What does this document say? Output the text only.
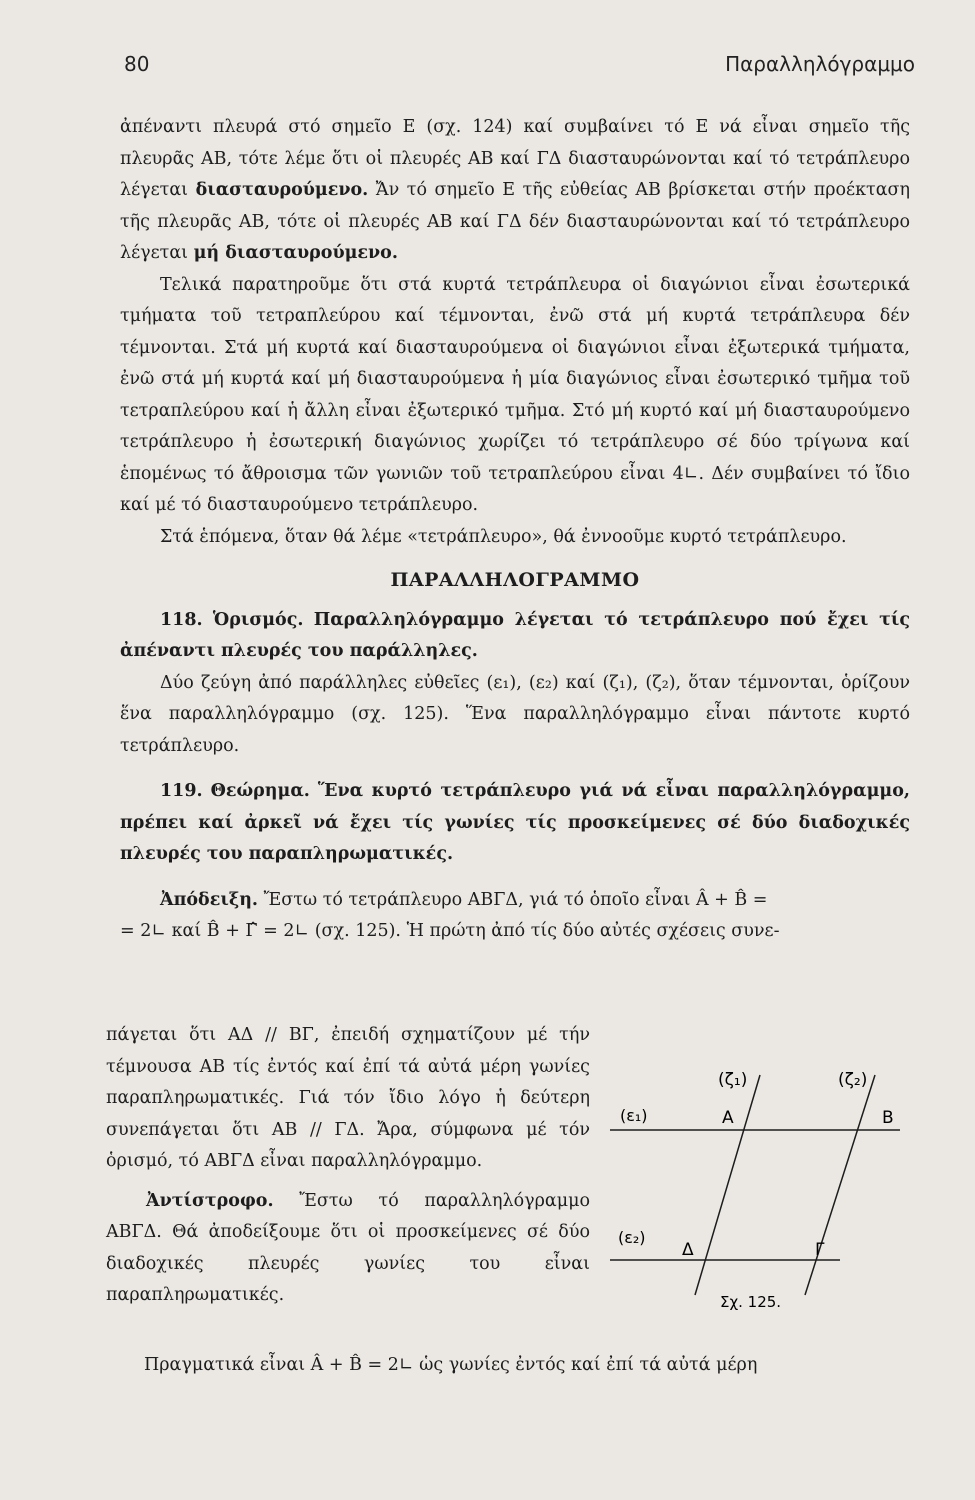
80	Παραλληλόγραμμο

ἀπέναντι πλευρά στό σημεῖο Ε (σχ. 124) καί συμβαίνει τό Ε νά εἶναι σημεῖο τῆς πλευρᾶς ΑΒ, τότε λέμε ὅτι οἱ πλευρές ΑΒ καί ΓΔ διασταυρώνονται καί τό τετράπλευρο λέγεται διασταυρούμενο. Ἄν τό σημεῖο Ε τῆς εὐθείας ΑΒ βρίσκεται στήν προέκταση τῆς πλευρᾶς ΑΒ, τότε οἱ πλευρές ΑΒ καί ΓΔ δέν διασταυρώνονται καί τό τετράπλευρο λέγεται μή διασταυρούμενο.

Τελικά παρατηροῦμε ὅτι στά κυρτά τετράπλευρα οἱ διαγώνιοι εἶναι ἐσωτερικά τμήματα τοῦ τετραπλεύρου καί τέμνονται, ἐνῶ στά μή κυρτά τετράπλευρα δέν τέμνονται. Στά μή κυρτά καί διασταυρούμενα οἱ διαγώνιοι εἶναι ἐξωτερικά τμήματα, ἐνῶ στά μή κυρτά καί μή διασταυρούμενα ἡ μία διαγώνιος εἶναι ἐσωτερικό τμῆμα τοῦ τετραπλεύρου καί ἡ ἄλλη εἶναι ἐξωτερικό τμῆμα. Στό μή κυρτό καί μή διασταυρούμενο τετράπλευρο ἡ ἐσωτερική διαγώνιος χωρίζει τό τετράπλευρο σέ δύο τρίγωνα καί ἑπομένως τό ἄθροισμα τῶν γωνιῶν τοῦ τετραπλεύρου εἶναι 4∟. Δέν συμβαίνει τό ἴδιο καί μέ τό διασταυρούμενο τετράπλευρο.

Στά ἑπόμενα, ὅταν θά λέμε «τετράπλευρο», θά ἐννοοῦμε κυρτό τετράπλευρο.

ΠΑΡΑΛΛΗΛΟΓΡΑΜΜΟ

118. Ὁρισμός. Παραλληλόγραμμο λέγεται τό τετράπλευρο πού ἔχει τίς ἀπέναντι πλευρές του παράλληλες.

Δύο ζεύγη ἀπό παράλληλες εὐθεῖες (ε₁), (ε₂) καί (ζ₁), (ζ₂), ὅταν τέμνονται, ὁρίζουν ἕνα παραλληλόγραμμο (σχ. 125). Ἕνα παραλληλόγραμμο εἶναι πάντοτε κυρτό τετράπλευρο.

119. Θεώρημα. Ἕνα κυρτό τετράπλευρο γιά νά εἶναι παραλληλόγραμμο, πρέπει καί ἀρκεῖ νά ἔχει τίς γωνίες τίς προσκείμενες σέ δύο διαδοχικές πλευρές του παραπληρωματικές.

Ἀπόδειξη. Ἔστω τό τετράπλευρο ΑΒΓΔ, γιά τό ὁποῖο εἶναι Â + B̂ =

= 2∟ καί B̂ + Γ̂ = 2∟ (σχ. 125). Ἡ πρώτη ἀπό τίς δύο αὐτές σχέσεις συνε-

πάγεται ὅτι ΑΔ // ΒΓ, ἐπειδή σχηματίζουν μέ τήν τέμνουσα ΑΒ τίς ἐντός καί ἐπί τά αὐτά μέρη γωνίες παραπληρωματικές. Γιά τόν ἴδιο λόγο ἡ δεύτερη συνεπάγεται ὅτι ΑΒ // ΓΔ. Ἄρα, σύμφωνα μέ τόν ὁρισμό, τό ΑΒΓΔ εἶναι παραλληλόγραμμο.

Ἀντίστροφο. Ἔστω τό παραλληλόγραμμο ΑΒΓΔ. Θά ἀποδείξουμε ὅτι οἱ προσκείμενες σέ δύο διαδοχικές πλευρές γωνίες του εἶναι παραπληρωματικές.

Πραγματικά εἶναι Â + B̂ = 2∟ ὡς γωνίες ἐντός καί ἐπί τά αὐτά μέρη
(ζ₁)	(ζ₂)
(ε₁)
(ε₂)
Α	Β
Δ	Γ
Σχ. 125.
